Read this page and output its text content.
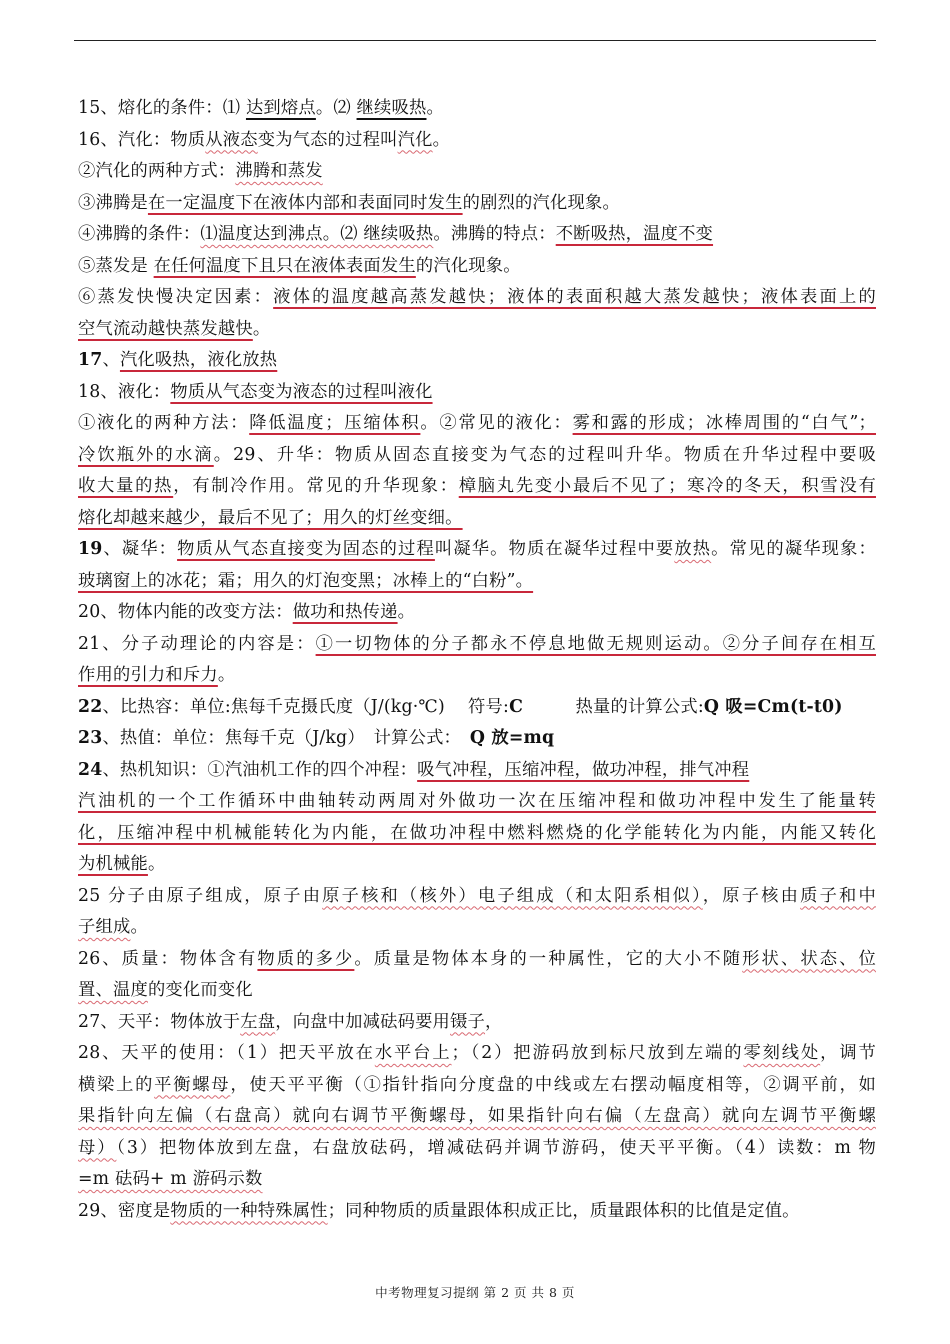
15、熔化的条件：⑴ 达到熔点。⑵ 继续吸热。
16、汽化：物质从液态变为气态的过程叫汽化。
②汽化的两种方式：沸腾和蒸发
③沸腾是在一定温度下在液体内部和表面同时发生的剧烈的汽化现象。
④沸腾的条件：⑴温度达到沸点。⑵ 继续吸热。沸腾的特点：不断吸热，温度不变
⑤蒸发是 在任何温度下且只在液体表面发生的汽化现象。
⑥蒸发快慢决定因素：液体的温度越高蒸发越快；液体的表面积越大蒸发越快；液体表面上的
空气流动越快蒸发越快。
17、汽化吸热，液化放热
18、液化：物质从气态变为液态的过程叫液化
①液化的两种方法：降低温度；压缩体积。②常见的液化：雾和露的形成；冰棒周围的“白气”；
冷饮瓶外的水滴。29、升华：物质从固态直接变为气态的过程叫升华。物质在升华过程中要吸
收大量的热，有制冷作用。常见的升华现象：樟脑丸先变小最后不见了；寒冷的冬天，积雪没有
熔化却越来越少，最后不见了；用久的灯丝变细。
19、凝华：物质从气态直接变为固态的过程叫凝华。物质在凝华过程中要放热。常见的凝华现象：
玻璃窗上的冰花；霜；用久的灯泡变黑；冰棒上的“白粉”。
20、物体内能的改变方法：做功和热传递。
21、分子动理论的内容是：①一切物体的分子都永不停息地做无规则运动。②分子间存在相互
作用的引力和斥力。
22、比热容：单位:焦每千克摄氏度（J/(kg·℃)　 符号:C　　　热量的计算公式:Q 吸=Cm(t-t0)
23、热值：单位：焦每千克（J/kg）　计算公式：　Q 放=mq
24、热机知识：①汽油机工作的四个冲程：吸气冲程，压缩冲程，做功冲程，排气冲程
汽油机的一个工作循环中曲轴转动两周对外做功一次在压缩冲程和做功冲程中发生了能量转
化，压缩冲程中机械能转化为内能，在做功冲程中燃料燃烧的化学能转化为内能，内能又转化
为机械能。
25 分子由原子组成，原子由原子核和（核外）电子组成（和太阳系相似），原子核由质子和中
子组成。
26、质量：物体含有物质的多少。质量是物体本身的一种属性，它的大小不随形状、状态、位
置、温度的变化而变化
27、天平：物体放于左盘，向盘中加减砝码要用镊子，
28、天平的使用：（1）把天平放在水平台上；（2）把游码放到标尺放到左端的零刻线处，调节
横梁上的平衡螺母，使天平平衡（①指针指向分度盘的中线或左右摆动幅度相等，②调平前，如
果指针向左偏（右盘高）就向右调节平衡螺母，如果指针向右偏（左盘高）就向左调节平衡螺
母）（3）把物体放到左盘，右盘放砝码，增减砝码并调节游码，使天平平衡。（4）读数：m 物
=m 砝码+ m 游码示数
29、密度是物质的一种特殊属性；同种物质的质量跟体积成正比，质量跟体积的比值是定值。
中考物理复习提纲 第 2 页 共 8 页
